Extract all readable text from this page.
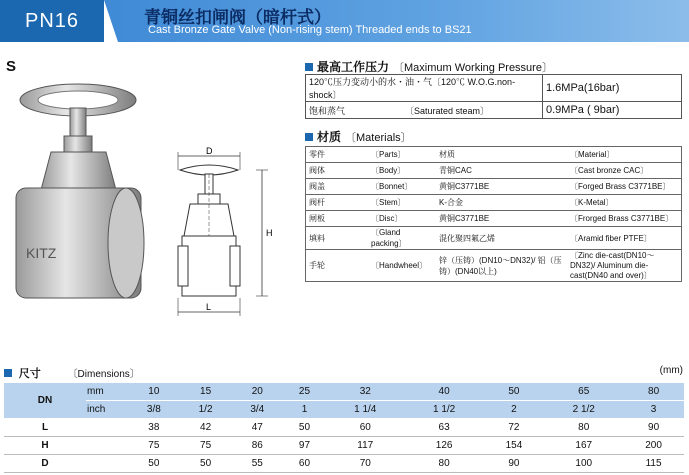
PN16	青铜丝扣闸阀（暗杆式）
Cast Bronze Gate Valve (Non-rising stem) Threaded ends to BS21
S
KITZ
D
H
L
最高工作压力 〔Maximum Working Pressure〕
120℃压力变动小的水・油・气〔120℃ W.O.G.non-shock〕	1.6MPa(16bar)
饱和蒸气 〔Saturated steam〕	0.9MPa ( 9bar)
材质 〔Materials〕
零件	〔Parts〕	材质	〔Material〕
阀体	〔Body〕	青铜CAC	〔Cast bronze CAC〕
阀盖	〔Bonnet〕	黄铜C3771BE	〔Forged Brass C3771BE〕
阀杆	〔Stem〕	K-合金	〔K-Metal〕
闸板	〔Disc〕	黄铜C3771BE	〔Frorged Brass C3771BE〕
填料	〔Gland packing〕	混化聚四氟乙烯	〔Aramid fiber PTFE〕
手轮	〔Handwheel〕	锌（压铸）(DN10～DN32)/ 铝（压铸）(DN40以上)	〔Zinc die-cast(DN10～DN32)/ Aluminum die-cast(DN40 and over)〕
尺寸	〔Dimensions〕	(mm)
DN	mm	10	15	20	25	32	40	50	65	80
	inch	3/8	1/2	3/4	1	1 1/4	1 1/2	2	2 1/2	3
L		38	42	47	50	60	63	72	80	90
H		75	75	86	97	117	126	154	167	200
D		50	50	55	60	70	80	90	100	115
